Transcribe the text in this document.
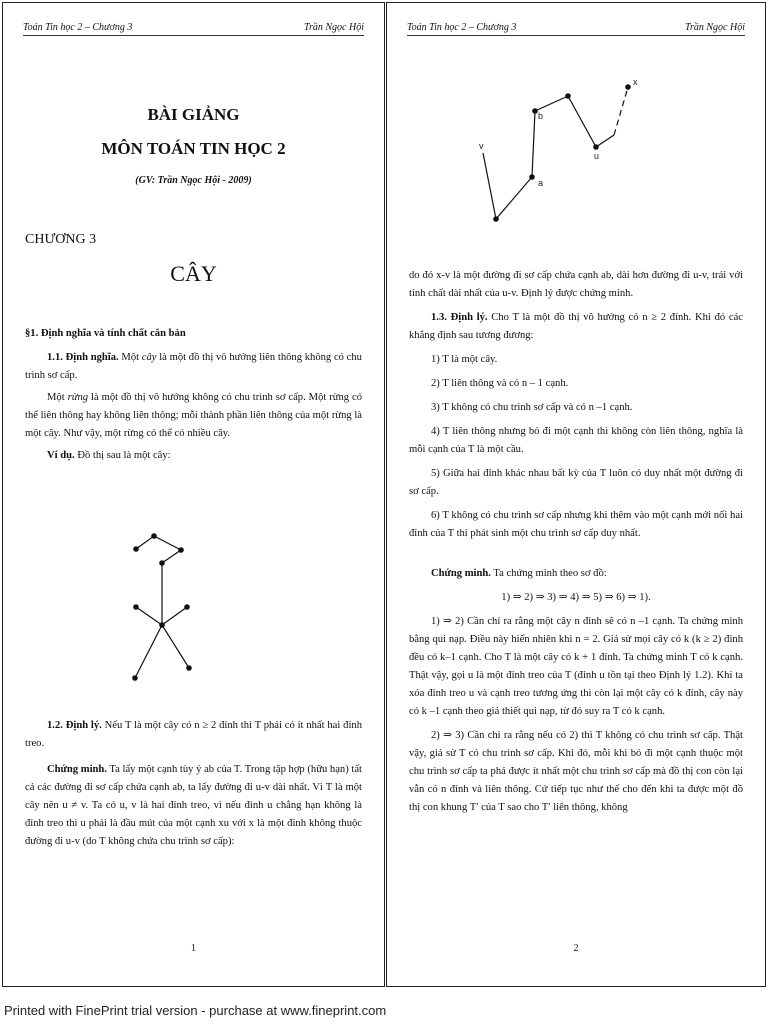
Toán Tin học 2 – Chương 3	Trần Ngọc Hội
BÀI GIẢNG
MÔN TOÁN TIN HỌC 2
(GV: Trần Ngọc Hội - 2009)
CHƯƠNG 3
CÂY
§1. Định nghĩa và tính chất căn bản
1.1. Định nghĩa. Một cây là một đồ thị vô hướng liên thông không có chu trình sơ cấp.
Một rừng là một đồ thị vô hướng không có chu trình sơ cấp. Một rừng có thể liên thông hay không liên thông; mỗi thành phần liên thông của một rừng là một cây. Như vậy, một rừng có thể có nhiều cây.
Ví dụ. Đồ thị sau là một cây:
1.2. Định lý. Nếu T là một cây có n ≥ 2 đỉnh thì T phải có ít nhất hai đỉnh treo.
Chứng minh. Ta lấy một cạnh tùy ý ab của T. Trong tập hợp (hữu hạn) tất cả các đường đi sơ cấp chứa cạnh ab, ta lấy đường đi u-v dài nhất. Vì T là một cây nên u ≠ v. Ta có u, v là hai đỉnh treo, vì nếu đỉnh u chẳng hạn không là đỉnh treo thì u phải là đầu mút của một cạnh xu với x là một đỉnh không thuộc đường đi u-v (do T không chứa chu trình sơ cấp):
1
Toán Tin học 2 – Chương 3	Trần Ngọc Hội
x
b
v
u
a
do đó x-v là một đường đi sơ cấp chứa cạnh ab, dài hơn đường đi u-v, trái với tính chất dài nhất của u-v. Định lý được chứng minh.
1.3. Định lý. Cho T là một đồ thị vô hướng có n ≥ 2 đỉnh. Khi đó các khẳng định sau tương đương:
1) T là một cây.
2) T liên thông và có n – 1 cạnh.
3) T không có chu trình sơ cấp và có n –1 cạnh.
4) T liên thông nhưng bỏ đi một cạnh thì không còn liên thông, nghĩa là mỗi cạnh của T là một cầu.
5) Giữa hai đỉnh khác nhau bất kỳ của T luôn có duy nhất một đường đi sơ cấp.
6) T không có chu trình sơ cấp nhưng khi thêm vào một cạnh mới nối hai đỉnh của T thì phát sinh một chu trình sơ cấp duy nhất.
Chứng minh. Ta chứng minh theo sơ đồ:
1) ⇒ 2) ⇒ 3) ⇒ 4) ⇒ 5) ⇒ 6) ⇒ 1).
1) ⇒ 2) Cần chỉ ra rằng một cây n đỉnh sẽ có n –1 cạnh. Ta chứng minh bằng qui nạp. Điều này hiển nhiên khi n = 2. Giả sử mọi cây có k (k ≥ 2) đỉnh đều có k–1 cạnh. Cho T là một cây có k + 1 đỉnh. Ta chứng minh T có k cạnh. Thật vậy, gọi u là một đỉnh treo của T (đỉnh u tồn tại theo Định lý 1.2). Khi ta xóa đỉnh treo u và cạnh treo tương ứng thì còn lại một cây có k đỉnh, cây này có k –1 cạnh theo giả thiết qui nạp, từ đó suy ra T có k cạnh.
2) ⇒ 3) Cần chỉ ra rằng nếu có 2) thì T không có chu trình sơ cấp. Thật vậy, giả sử T có chu trình sơ cấp. Khi đó, mỗi khi bỏ đi một cạnh thuộc một chu trình sơ cấp ta phá được ít nhất một chu trình sơ cấp mà đồ thị con còn lại vẫn có n đỉnh và liên thông. Cứ tiếp tục như thế cho đến khi ta được một đồ thị con khung T′ của T sao cho T′ liên thông, không
2
Printed with FinePrint trial version - purchase at www.fineprint.com
